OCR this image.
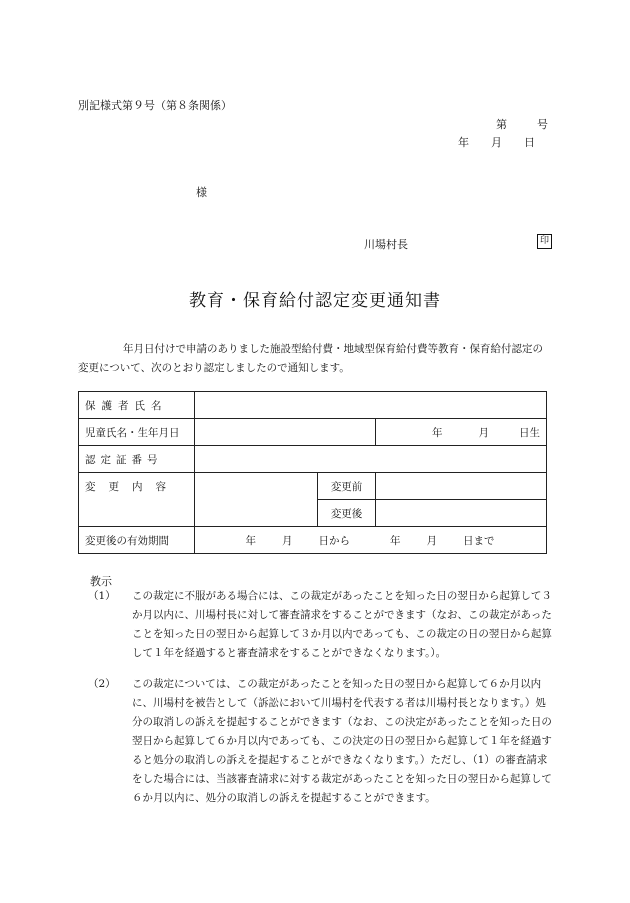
別記様式第９号（第８条関係）
第	号
年 月 日
様
川場村長	印
教育・保育給付認定変更通知書
年月日付けで申請のありました施設型給付費・地域型保育給付費等教育・保育給付認定の変更について、次のとおり認定しましたので通知します。
保護者氏名			
児童氏名・生年月日			年 月 日生
認定証番号			
変更内容		変更前	
		変更後	
変更後の有効期間	年 月 日から 年 月 日まで		
教示
（1）	この裁定に不服がある場合には、この裁定があったことを知った日の翌日から起算して３か月以内に、川場村長に対して審査請求をすることができます（なお、この裁定があったことを知った日の翌日から起算して３か月以内であっても、この裁定の日の翌日から起算して１年を経過すると審査請求をすることができなくなります。）。
（2）	この裁定については、この裁定があったことを知った日の翌日から起算して６か月以内に、川場村を被告として（訴訟において川場村を代表する者は川場村長となります。）処分の取消しの訴えを提起することができます（なお、この決定があったことを知った日の翌日から起算して６か月以内であっても、この決定の日の翌日から起算して１年を経過すると処分の取消しの訴えを提起することができなくなります。）ただし、（1）の審査請求をした場合には、当該審査請求に対する裁定があったことを知った日の翌日から起算して６か月以内に、処分の取消しの訴えを提起することができます。
